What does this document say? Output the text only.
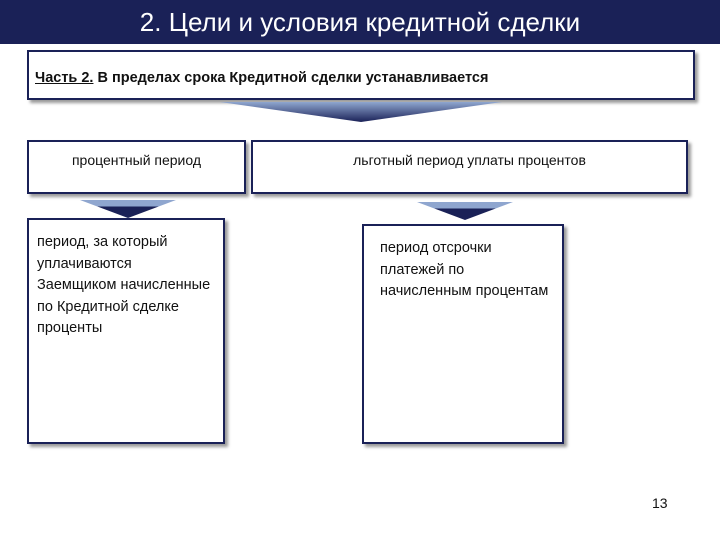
2. Цели и условия кредитной сделки
Часть 2. В пределах срока Кредитной сделки устанавливается
процентный период	льготный период уплаты процентов
период, за который уплачиваются Заемщиком начисленные по Кредитной сделке проценты
период отсрочки платежей по начисленным процентам
13
